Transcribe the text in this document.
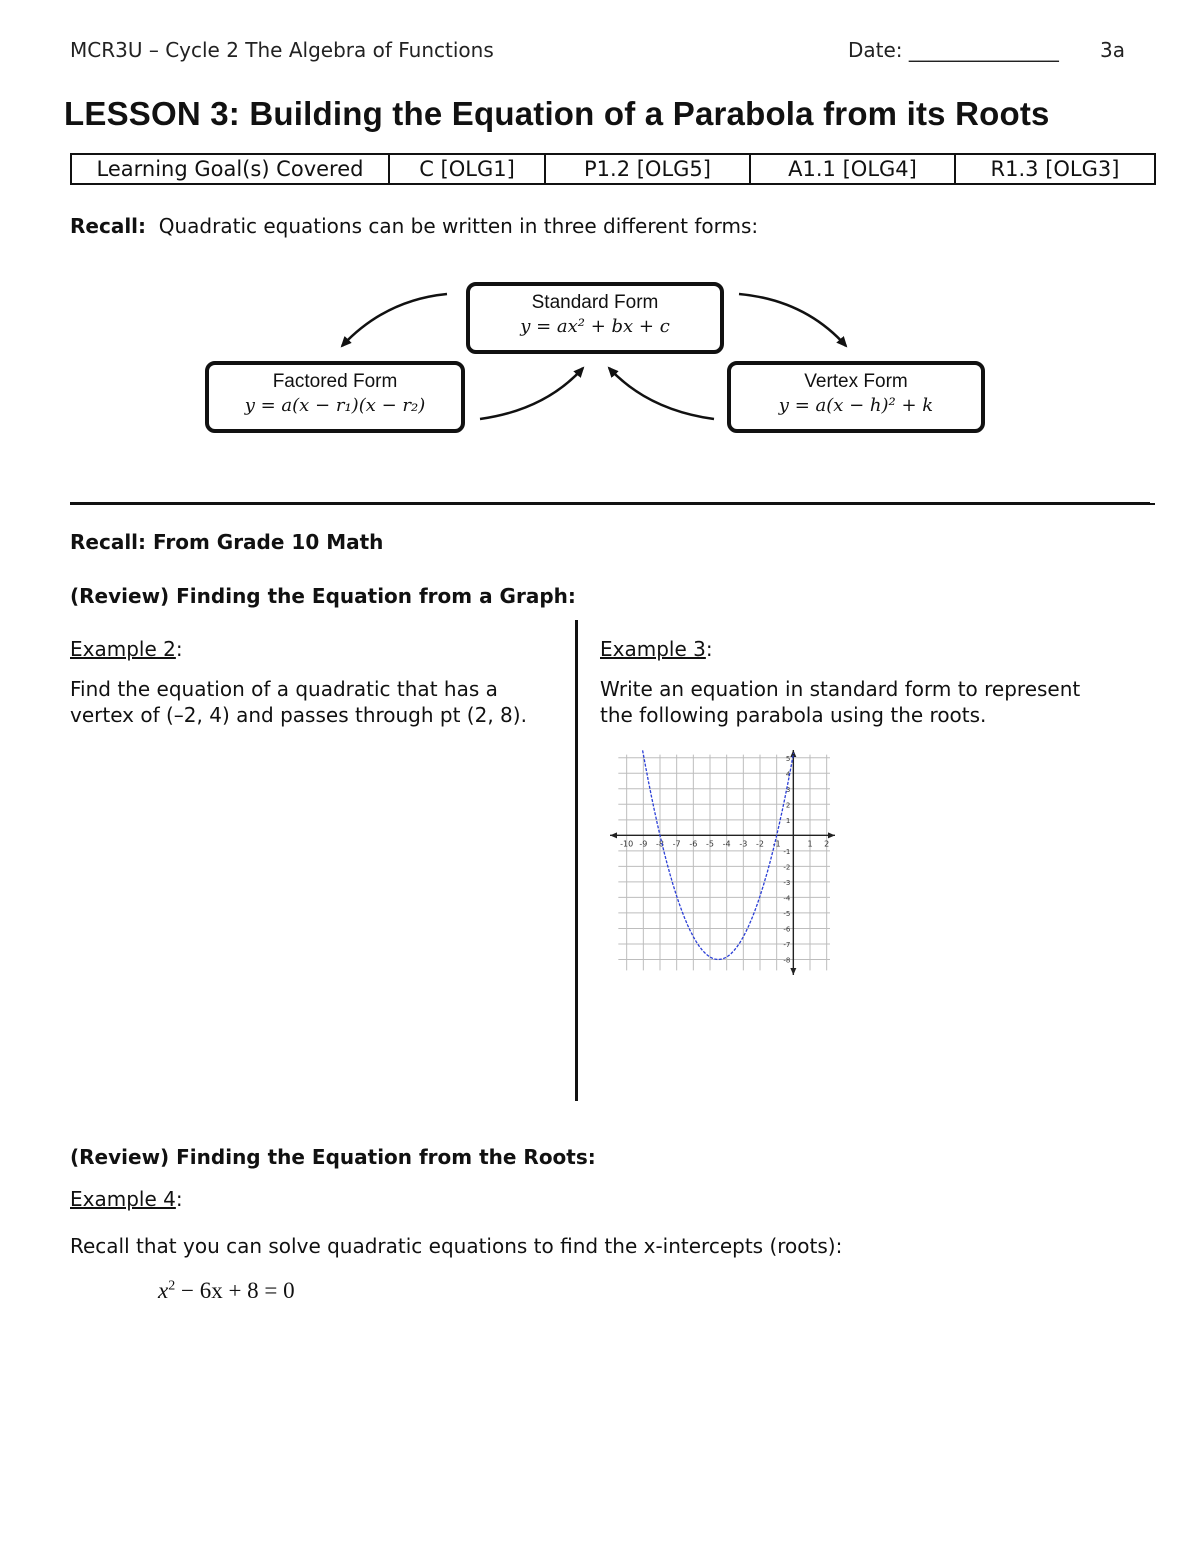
MCR3U – Cycle 2 The Algebra of Functions	Date: _______________ 3a
LESSON 3: Building the Equation of a Parabola from its Roots
Learning Goal(s) Covered	C [OLG1]	P1.2 [OLG5]	A1.1 [OLG4]	R1.3 [OLG3]
Recall: Quadratic equations can be written in three different forms:
Standard Form
y = ax² + bx + c
Factored Form
y = a(x − r₁)(x − r₂)
Vertex Form
y = a(x − h)² + k
Recall: From Grade 10 Math
(Review) Finding the Equation from a Graph:
Example 2:
Find the equation of a quadratic that has a
vertex of (–2, 4) and passes through pt (2, 8).
Example 3:
Write an equation in standard form to represent
the following parabola using the roots.
-10 -9 -8 -7 -6 -5 -4 -3 -2 -1	1 2
5
4
3
2
1
-1
-2
-3
-4
-5
-6
-7
-8
(Review) Finding the Equation from the Roots:
Example 4:
Recall that you can solve quadratic equations to find the x-intercepts (roots):
$x^2 - 6x + 8 = 0$
